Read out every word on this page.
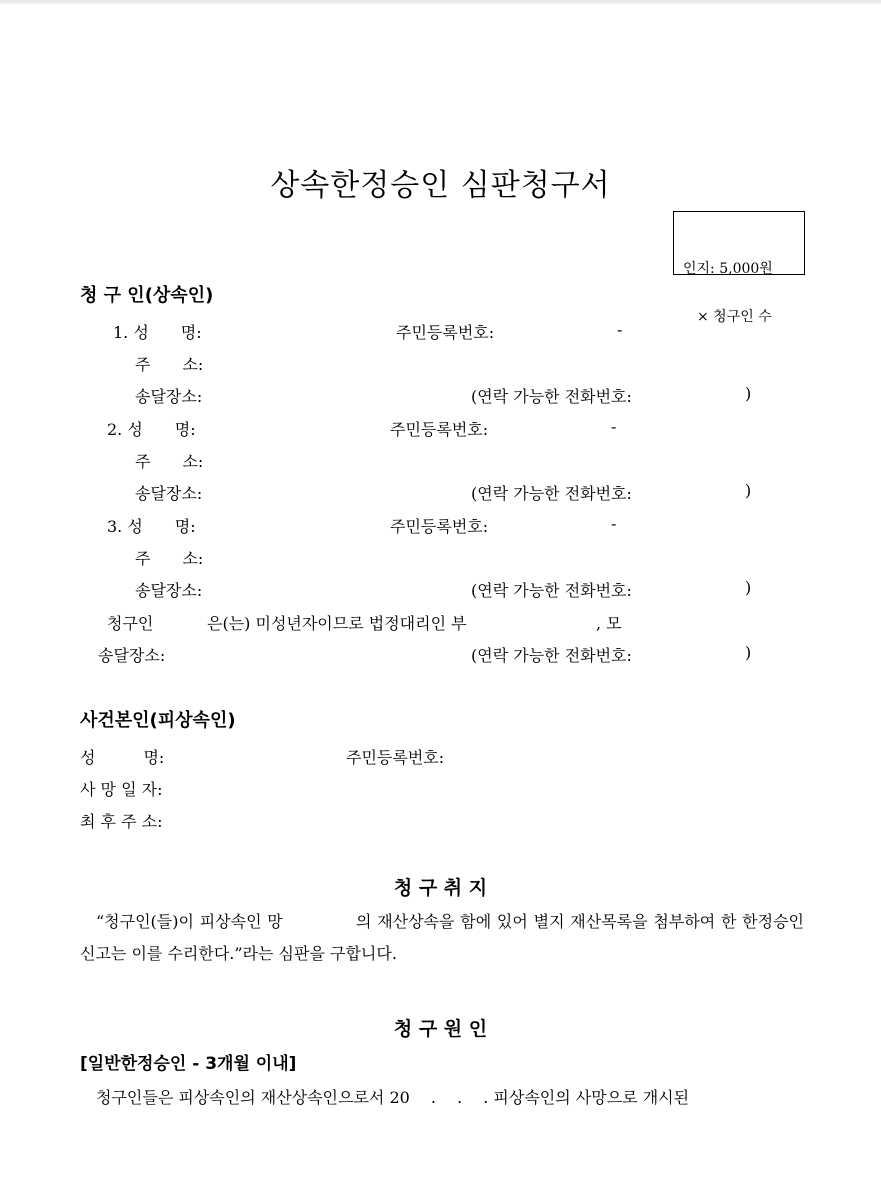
상속한정승인 심판청구서

인지: 5,000원

× 청구인 수

청 구 인(상속인)
1. 성　　명:	주민등록번호:	-
주　　소:
송달장소:	(연락 가능한 전화번호:	)
2. 성　　명:	주민등록번호:	-
주　　소:
송달장소:	(연락 가능한 전화번호:	)
3. 성　　명:	주민등록번호:	-
주　　소:
송달장소:	(연락 가능한 전화번호:	)
청구인	은(는) 미성년자이므로 법정대리인 부	, 모
송달장소:	(연락 가능한 전화번호:	)
사건본인(피상속인)
성　　　명:	주민등록번호:
사 망 일 자:
최 후 주 소:
청 구 취 지
“청구인(들)이 피상속인 망　　　　 의 재산상속을 함에 있어 별지 재산목록을 첨부하여 한 한정승인신고는 이를 수리한다.”라는 심판을 구합니다.
청 구 원 인
[일반한정승인 - 3개월 이내]
청구인들은 피상속인의 재산상속인으로서 20　 .　 .　 . 피상속인의 사망으로 개시된
